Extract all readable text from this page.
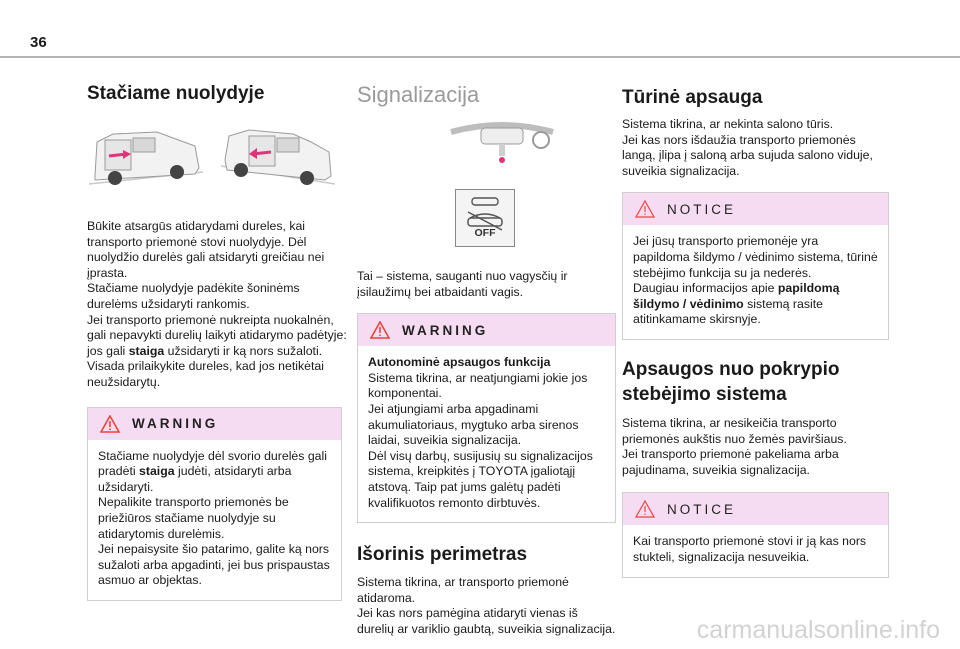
36
Stačiame nuolydyje

Būkite atsargūs atidarydami dureles, kai transporto priemonė stovi nuolydyje. Dėl nuolydžio durelės gali atsidaryti greičiau nei įprasta.
Stačiame nuolydyje padėkite šoninėms durelėms užsidaryti rankomis.
Jei transporto priemonė nukreipta nuokalnėn, gali nepavykti durelių laikyti atidarymo padėtyje: jos gali staiga užsidaryti ir ką nors sužaloti. Visada prilaikykite dureles, kad jos netikėtai neužsidarytų.

WARNING
Stačiame nuolydyje dėl svorio durelės gali pradėti staiga judėti, atsidaryti arba užsidaryti.
Nepalikite transporto priemonės be priežiūros stačiame nuolydyje su atidarytomis durelėmis.
Jei nepaisysite šio patarimo, galite ką nors sužaloti arba apgadinti, jei bus prispaustas asmuo ar objektas.
Signalizacija
OFF

Tai – sistema, sauganti nuo vagysčių ir įsilaužimų bei atbaidanti vagis.

WARNING
Autonominė apsaugos funkcija
Sistema tikrina, ar neatjungiami jokie jos komponentai.
Jei atjungiami arba apgadinami akumuliatoriaus, mygtuko arba sirenos laidai, suveikia signalizacija.
Dėl visų darbų, susijusių su signalizacijos sistema, kreipkitės į TOYOTA įgaliotąjį atstovą. Taip pat jums galėtų padėti kvalifikuotos remonto dirbtuvės.
Išorinis perimetras

Sistema tikrina, ar transporto priemonė atidaroma.
Jei kas nors pamėgina atidaryti vienas iš durelių ar variklio gaubtą, suveikia signalizacija.

Tūrinė apsauga

Sistema tikrina, ar nekinta salono tūris.
Jei kas nors išdaužia transporto priemonės langą, įlipa į saloną arba sujuda salono viduje, suveikia signalizacija.

NOTICE
Jei jūsų transporto priemonėje yra papildoma šildymo / vėdinimo sistema, tūrinė stebėjimo funkcija su ja nederės.
Daugiau informacijos apie papildomą šildymo / vėdinimo sistemą rasite atitinkamame skirsnyje.
Apsaugos nuo pokrypio stebėjimo sistema

Sistema tikrina, ar nesikeičia transporto priemonės aukštis nuo žemės paviršiaus.
Jei transporto priemonė pakeliama arba pajudinama, suveikia signalizacija.

NOTICE
Kai transporto priemonė stovi ir ją kas nors stukteli, signalizacija nesuveikia.
carmanualsonline.info
